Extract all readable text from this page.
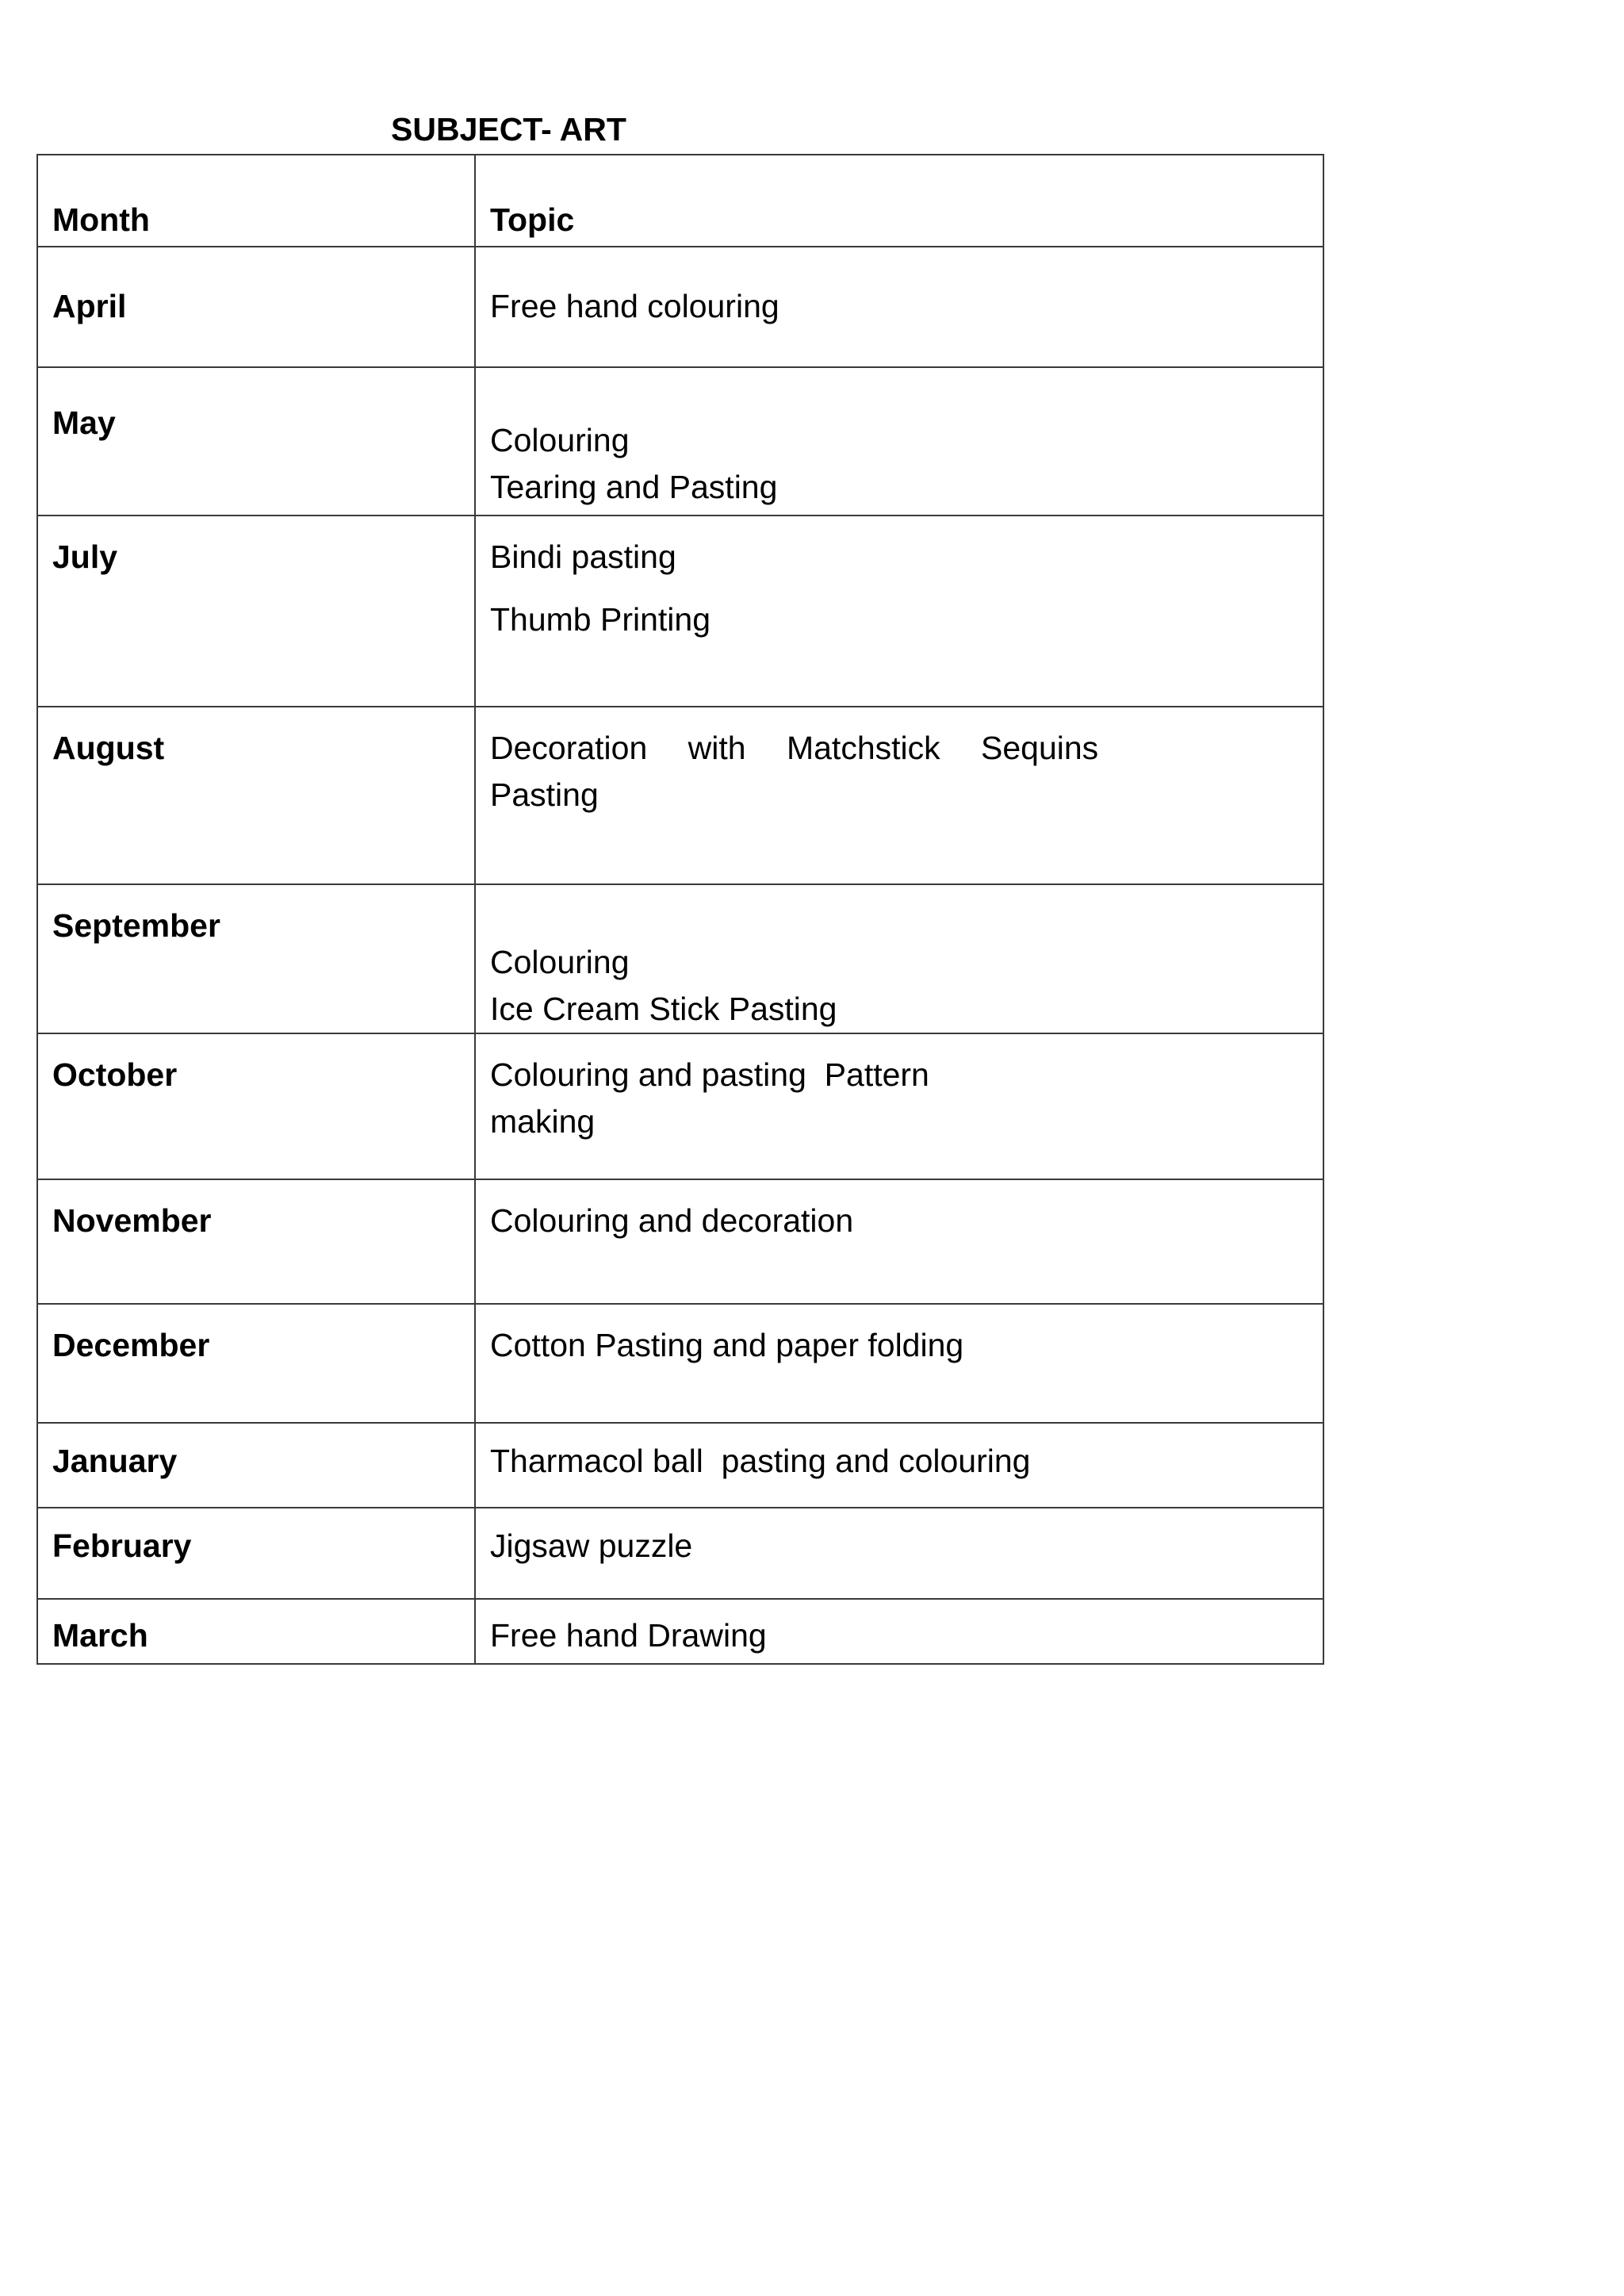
SUBJECT- ART
Month	Topic
April	Free hand colouring

May	Colouring
Tearing and Pasting

July	Bindi pasting
Thumb Printing

August	Decoration with Matchstick Sequins
Pasting

September	Colouring
Ice Cream Stick Pasting

October	Colouring and pasting  Pattern
making

November	Colouring and decoration

December	Cotton Pasting and paper folding

January	Tharmacol ball  pasting and colouring

February	Jigsaw puzzle

March	Free hand Drawing
